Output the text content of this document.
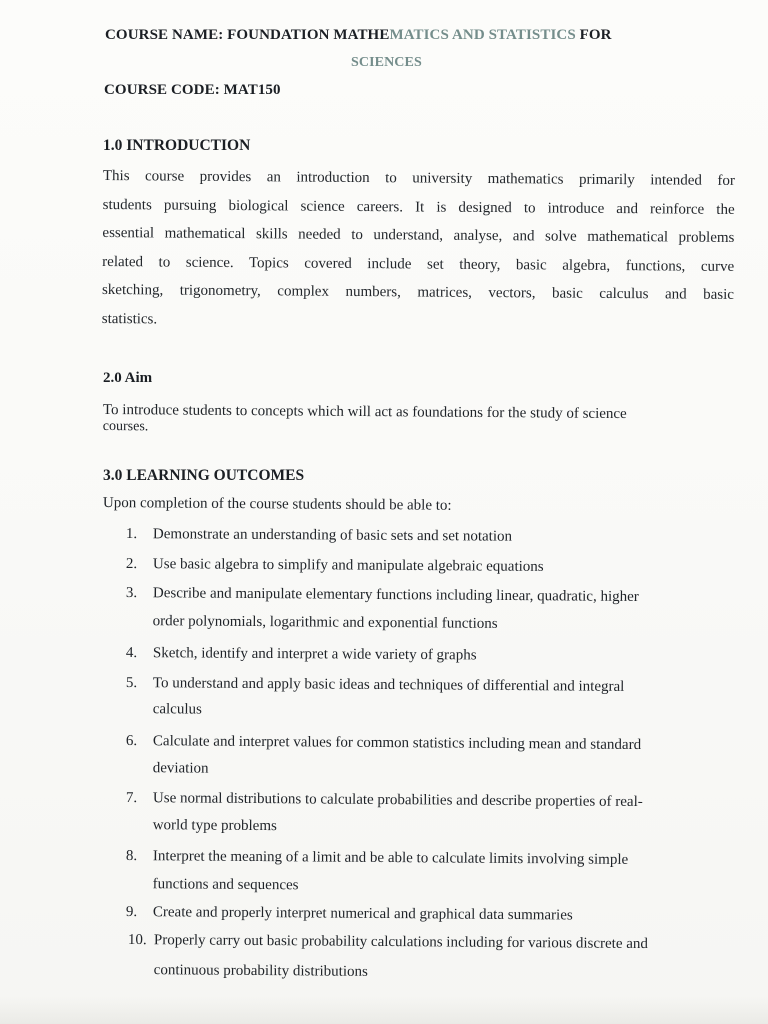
COURSE NAME: FOUNDATION MATHEMATICS AND STATISTICS FOR
SCIENCES
COURSE CODE: MAT150
1.0 INTRODUCTION
This course provides an introduction to university mathematics primarily intended for
students pursuing biological science careers. It is designed to introduce and reinforce the
essential mathematical skills needed to understand, analyse, and solve mathematical problems
related to science. Topics covered include set theory, basic algebra, functions, curve
sketching, trigonometry, complex numbers, matrices, vectors, basic calculus and basic
statistics.
2.0 Aim
To introduce students to concepts which will act as foundations for the study of science
courses.
3.0 LEARNING OUTCOMES
Upon completion of the course students should be able to:
1.	Demonstrate an understanding of basic sets and set notation
2.	Use basic algebra to simplify and manipulate algebraic equations
3.	Describe and manipulate elementary functions including linear, quadratic, higher
order polynomials, logarithmic and exponential functions
4.	Sketch, identify and interpret a wide variety of graphs
5.	To understand and apply basic ideas and techniques of differential and integral
calculus
6.	Calculate and interpret values for common statistics including mean and standard
deviation
7.	Use normal distributions to calculate probabilities and describe properties of real-
world type problems
8.	Interpret the meaning of a limit and be able to calculate limits involving simple
functions and sequences
9.	Create and properly interpret numerical and graphical data summaries
10. Properly carry out basic probability calculations including for various discrete and
continuous probability distributions
